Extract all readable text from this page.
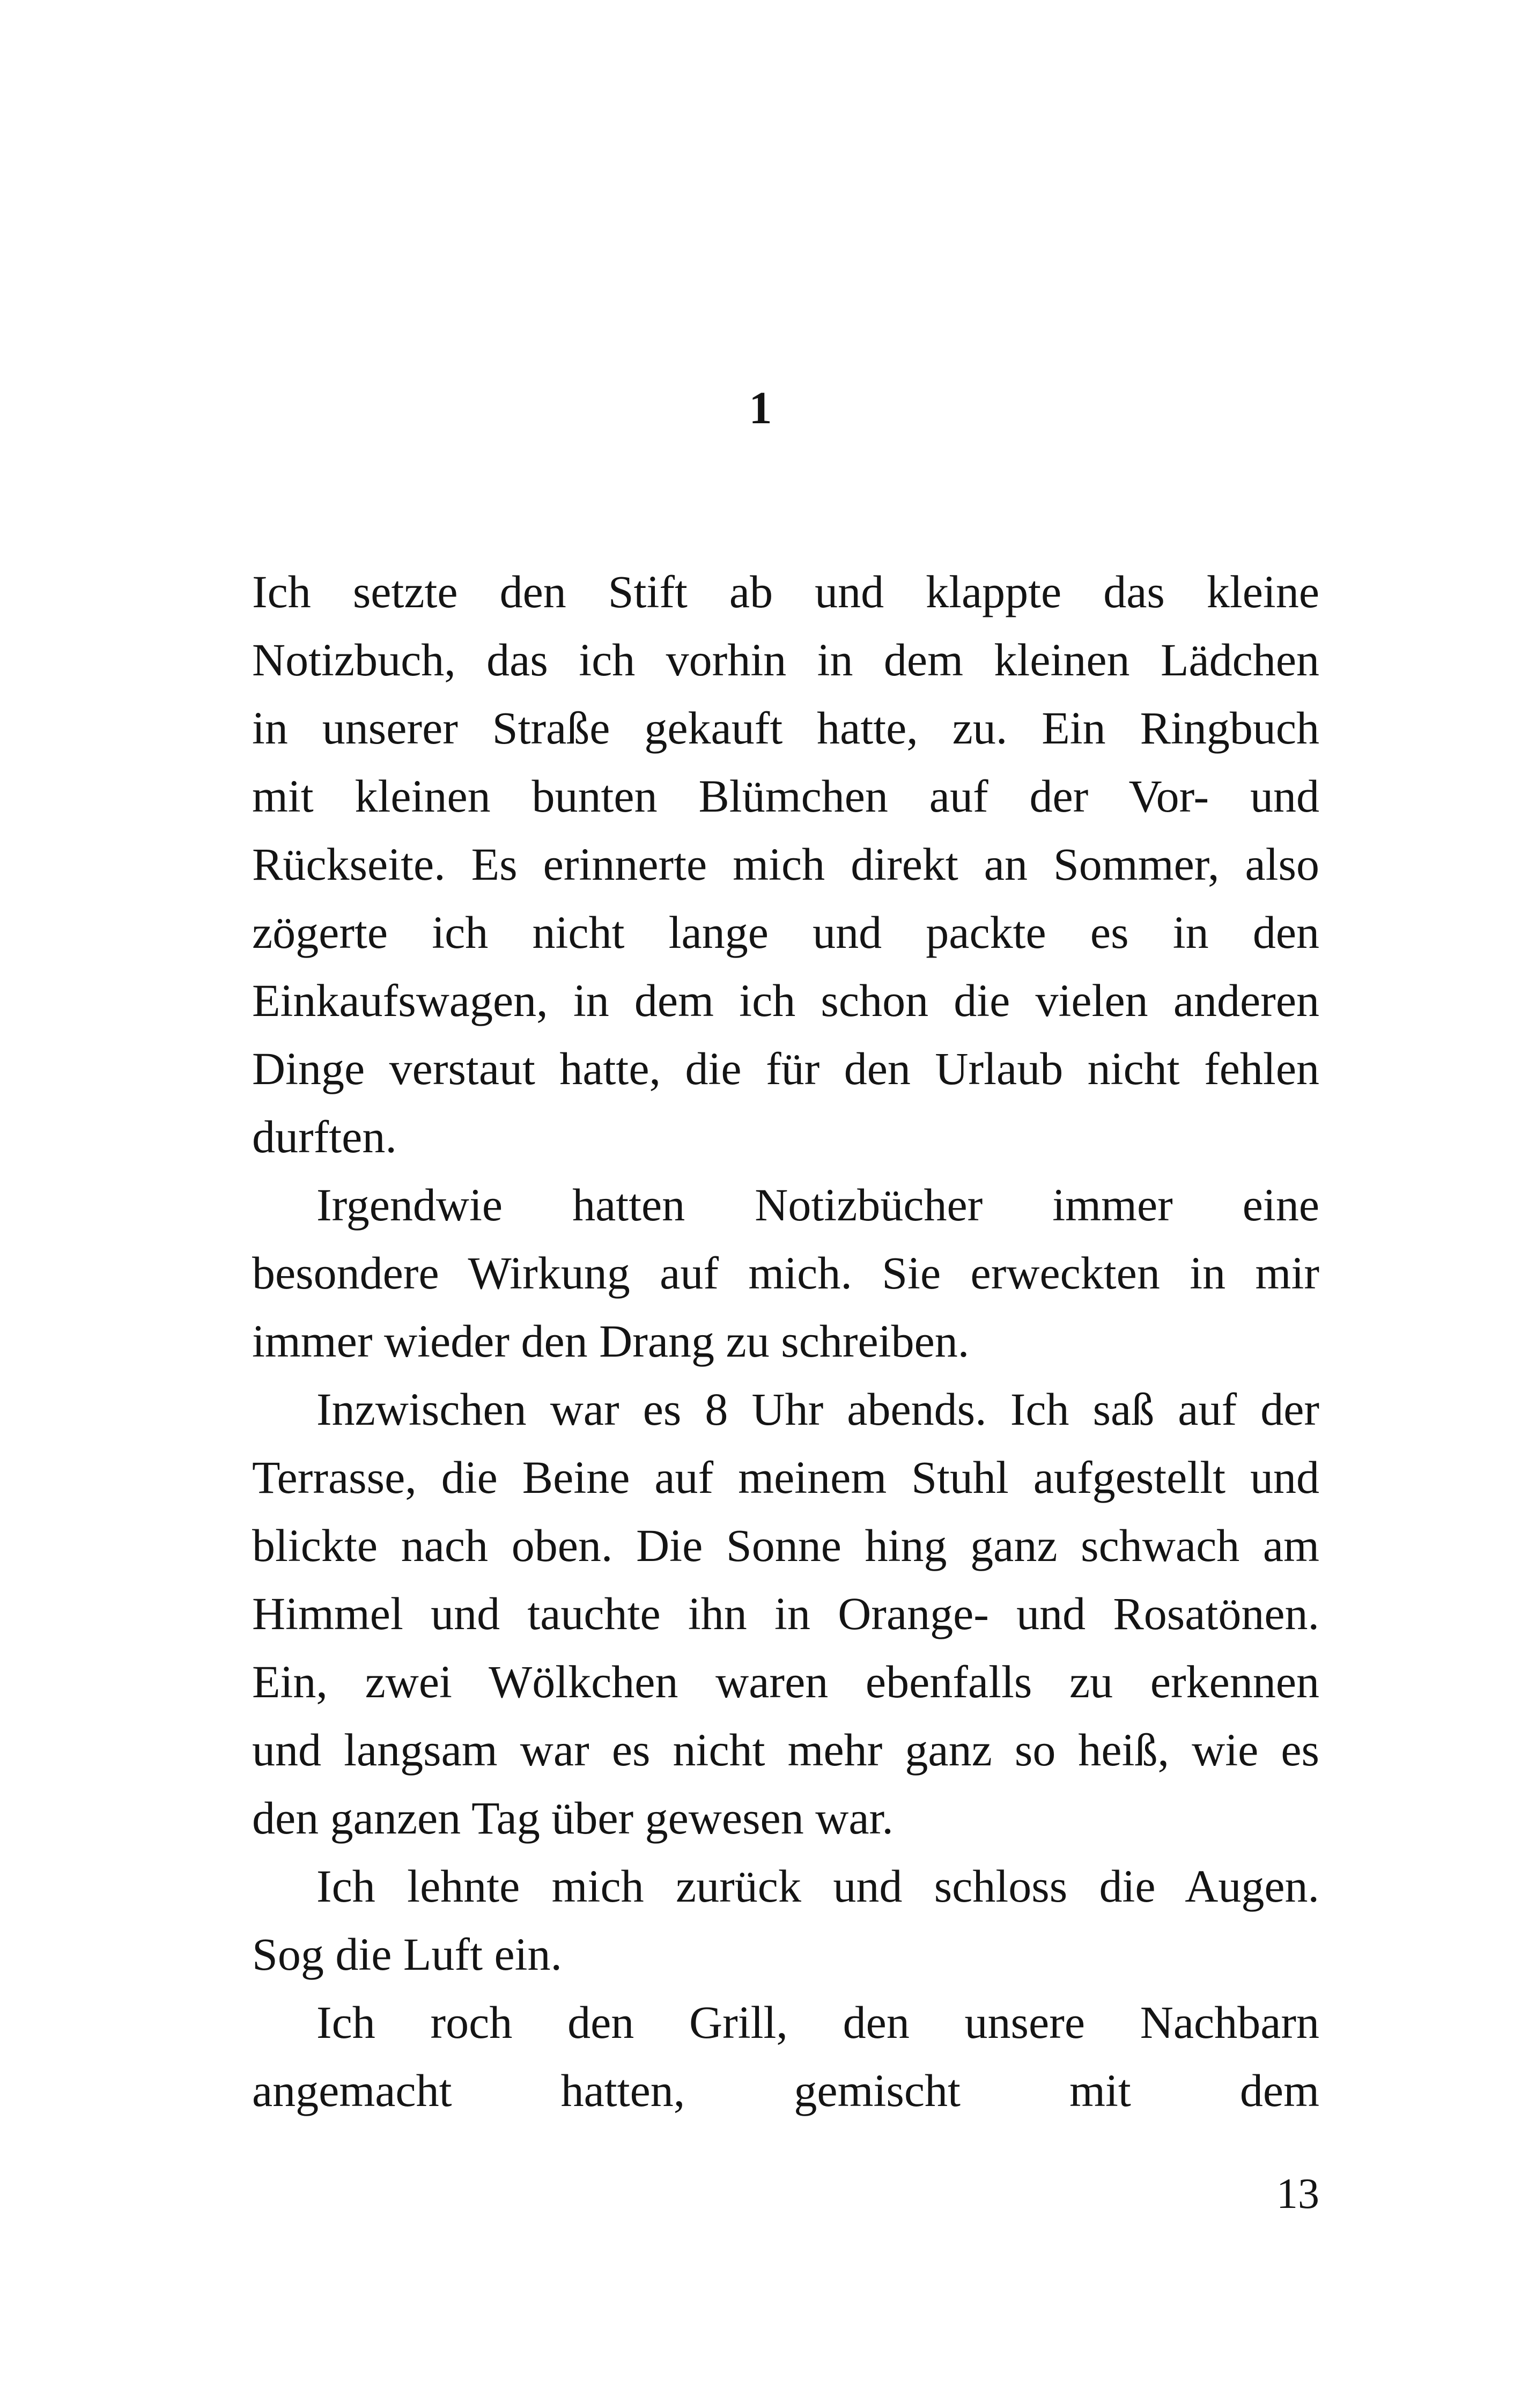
1
Ich setzte den Stift ab und klappte das kleine
Notizbuch, das ich vorhin in dem kleinen Lädchen
in unserer Straße gekauft hatte, zu. Ein Ringbuch
mit kleinen bunten Blümchen auf der Vor- und
Rückseite. Es erinnerte mich direkt an Sommer, also
zögerte ich nicht lange und packte es in den
Einkaufswagen, in dem ich schon die vielen anderen
Dinge verstaut hatte, die für den Urlaub nicht fehlen
durften.
Irgendwie hatten Notizbücher immer eine
besondere Wirkung auf mich. Sie erweckten in mir
immer wieder den Drang zu schreiben.
Inzwischen war es 8 Uhr abends. Ich saß auf der
Terrasse, die Beine auf meinem Stuhl aufgestellt und
blickte nach oben. Die Sonne hing ganz schwach am
Himmel und tauchte ihn in Orange- und Rosatönen.
Ein, zwei Wölkchen waren ebenfalls zu erkennen
und langsam war es nicht mehr ganz so heiß, wie es
den ganzen Tag über gewesen war.
Ich lehnte mich zurück und schloss die Augen.
Sog die Luft ein.
Ich roch den Grill, den unsere Nachbarn
angemacht hatten, gemischt mit dem
13
